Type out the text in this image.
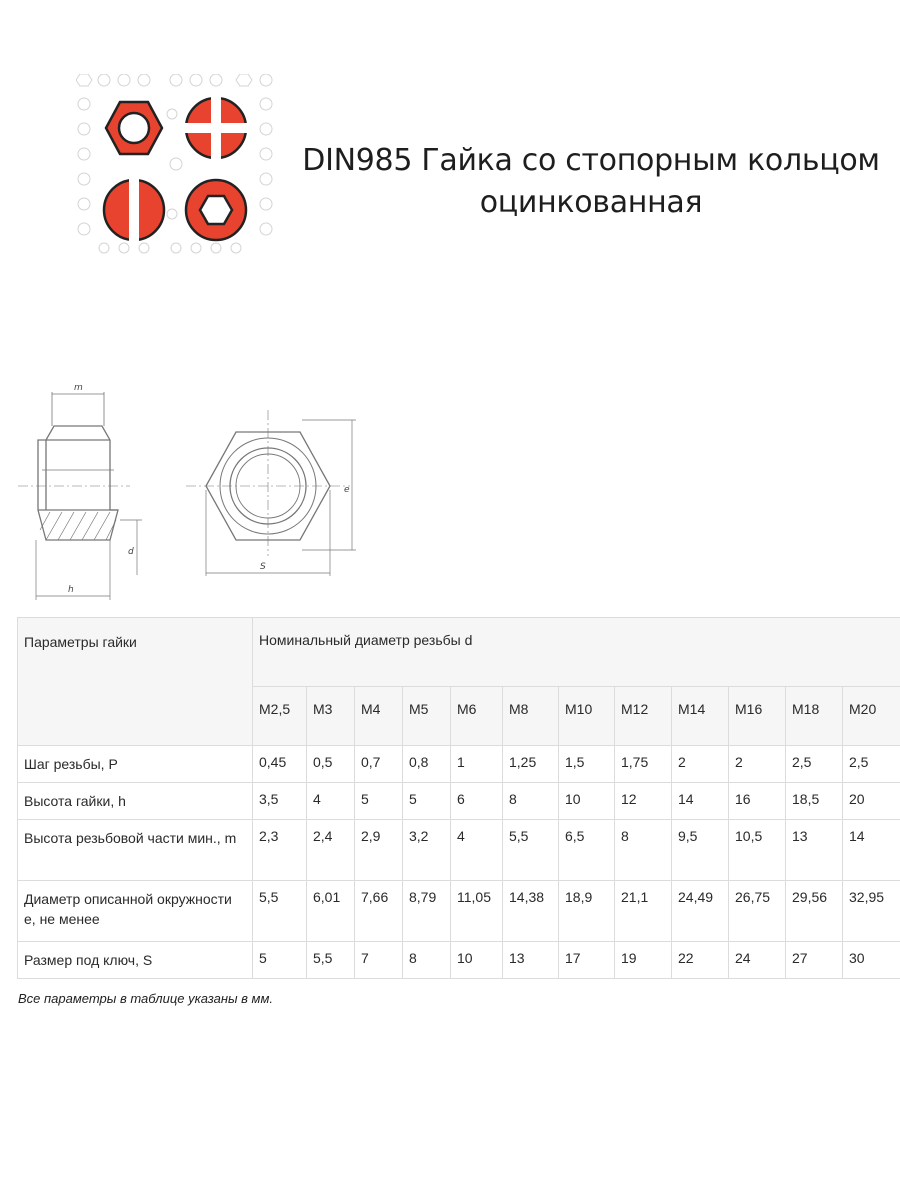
DIN985 Гайка со стопорным кольцом
оцинкованная
m
h
d
e
S
Параметры гайки	Номинальный диаметр резьбы d											
	M2,5	M3	M4	M5	M6	M8	M10	M12	M14	M16	M18	M20
Шаг резьбы, P	0,45	0,5	0,7	0,8	1	1,25	1,5	1,75	2	2	2,5	2,5
Высота гайки, h	3,5	4	5	5	6	8	10	12	14	16	18,5	20
Высота резьбовой части мин., m	2,3	2,4	2,9	3,2	4	5,5	6,5	8	9,5	10,5	13	14
Диаметр описанной окружности e, не менее	5,5	6,01	7,66	8,79	11,05	14,38	18,9	21,1	24,49	26,75	29,56	32,95
Размер под ключ, S	5	5,5	7	8	10	13	17	19	22	24	27	30
Все параметры в таблице указаны в мм.
